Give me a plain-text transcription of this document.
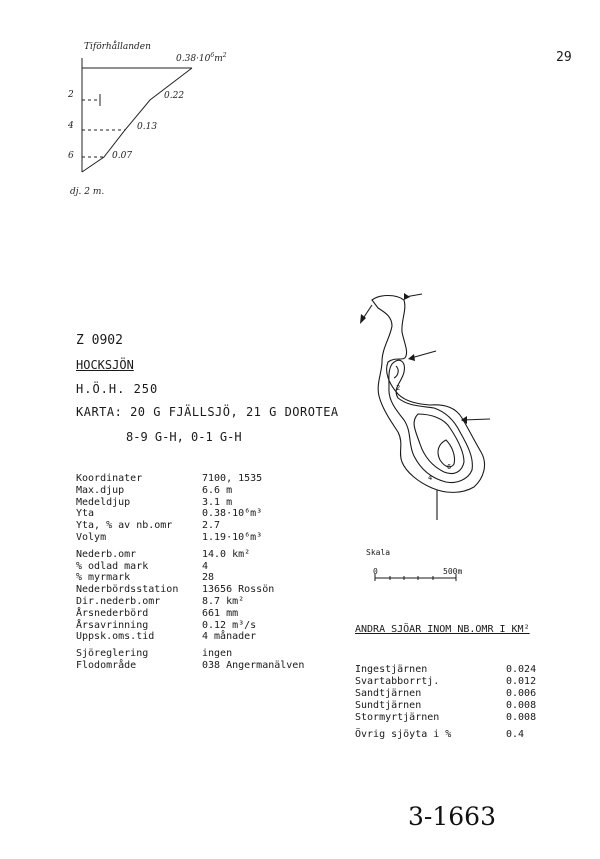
29
Tiförhållanden
$0.38\cdot 10^6m^2$
2
4
6
0.22
0.13
0.07
dj. 2 m.
Z 0902
HOCKSJÖN
H.Ö.H. 250
KARTA: 20 G FJÄLLSJÖ, 21 G DOROTEA
8-9 G-H, 0-1 G-H
Koordinater	7100, 1535
Max.djup	6.6 m
Medeldjup	3.1 m
Yta	0.38·10⁶m³
Yta, % av nb.omr	2.7
Volym	1.19·10⁶m³
Nederb.omr	14.0 km²
% odlad mark	4
% myrmark	28
Nederbördsstation	13656 Rossön
Dir.nederb.omr	8.7 km²
Årsnederbörd	661 mm
Årsavrinning	0.12 m³/s
Uppsk.oms.tid	4 månader
Sjöreglering	ingen
Flodområde	038 Angermanälven
2
4
6
Skala
0	500m
ANDRA SJÖAR INOM NB.OMR I KM²
Ingestjärnen	0.024
Svartabborrtj.	0.012
Sandtjärnen	0.006
Sundtjärnen	0.008
Stormyrtjärnen	0.008
Övrig sjöyta i %	0.4
3-1663
